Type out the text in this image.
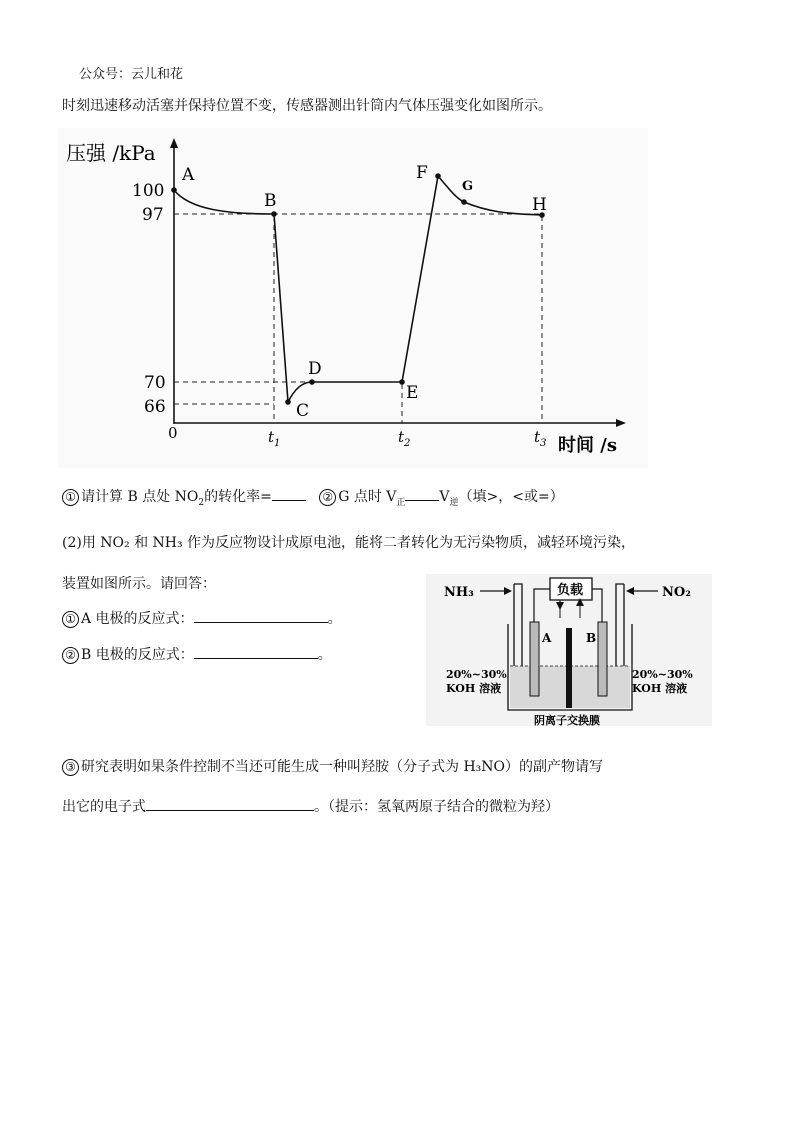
公众号：云儿和花
时刻迅速移动活塞并保持位置不变，传感器测出针筒内气体压强变化如图所示。
压强 /kPa
时间 /s
100
97
70
66
0	$t_1$	$t_2$	$t_3$
A
B
C
D
E
F
G
H
① 请计算 B 点处 $NO_2$的转化率=	② G 点时 $V_正$ $V_逆$（填>，<或=）
(2)用 NO₂ 和 NH₃ 作为反应物设计成原电池，能将二者转化为无污染物质，减轻环境污染，
装置如图所示。请回答：
① A 电极的反应式：	。
② B 电极的反应式：	。
NH₃	NO₂
负载
A	B
20%~30%
KOH 溶液
20%~30%
KOH 溶液
阴离子交换膜
③ 研究表明如果条件控制不当还可能生成一种叫羟胺（分子式为 H₃NO）的副产物请写
出它的电子式	。（提示：氢氧两原子结合的微粒为羟）
